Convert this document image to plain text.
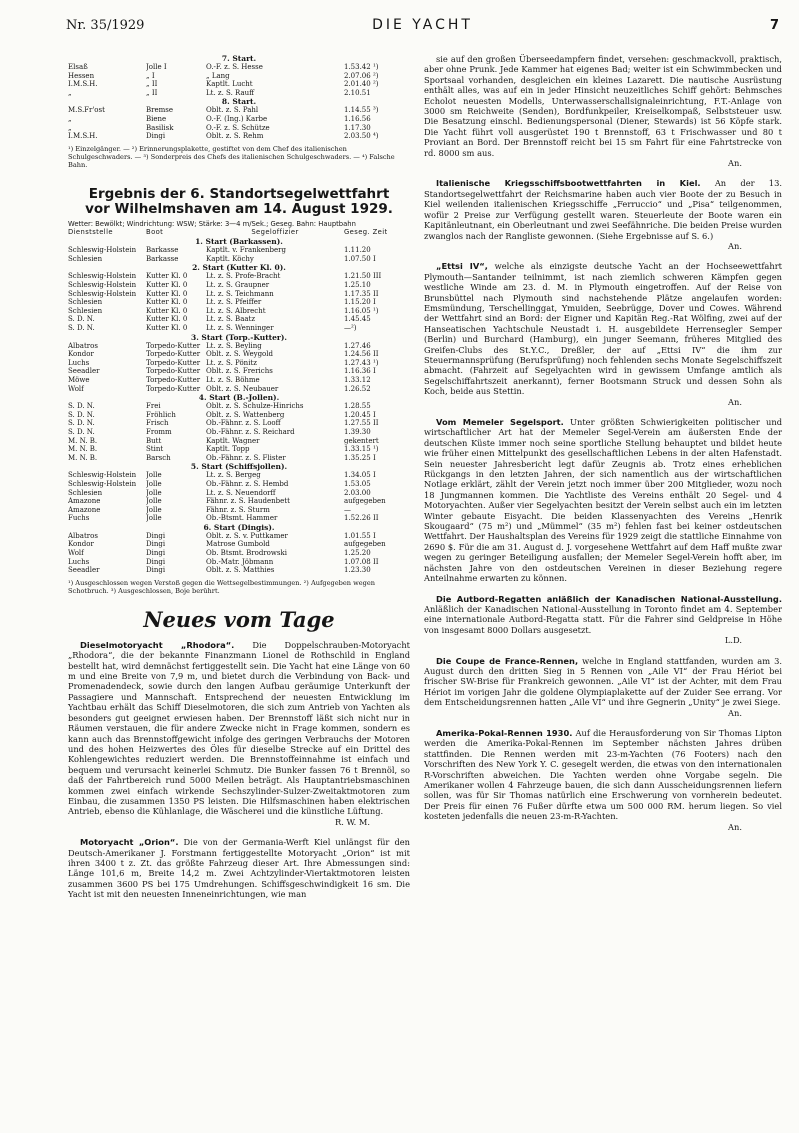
Nr. 35/1929	DIE YACHT	7
7. Start.
Elsaß	Jolle I	O.-F. z. S. Hesse	1.53.42 ¹)
Hessen	„ I	„ Lang	2.07.06 ²)
I.M.S.H.	„ II	Kaptlt. Lucht	2.01.40 ²)
„	„ II	Lt. z. S. Rauff	2.10.51
8. Start.
M.S.Fr'ost	Bremse	Oblt. z. S. Pahl	1.14.55 ³)
„	Biene	O.-F. (Ing.) Karbe	1.16.56
„	Basilisk	O.-F. z. S. Schütze	1.17.30
I.M.S.H.	Dingi	Oblt. z. S. Rehm	2.03.50 ⁴)
¹) Einzelgänger. — ²) Erinnerungsplakette, gestiftet von dem Chef des italienischen Schulgeschwaders. — ³) Sonderpreis des Chefs des italienischen Schulgeschwaders. — ⁴) Falsche Bahn.
Ergebnis der 6. Standortsegelwettfahrt
vor Wilhelmshaven am 14. August 1929.
Wetter: Bewölkt; Windrichtung: WSW; Stärke: 3—4 m/Sek.; Geseg. Bahn: Hauptbahn
Dienststelle	Boot	Segeloffizier	Geseg. Zeit
1. Start (Barkassen).
Schleswig-Holstein	Barkasse	Kaptlt. v. Frankenberg	1.11.20
Schlesien	Barkasse	Kaptlt. Köchy	1.07.50 I
2. Start (Kutter Kl. 0).
Schleswig-Holstein	Kutter Kl. 0	Lt. z. S. Profe-Bracht	1.21.50 III
Schleswig-Holstein	Kutter Kl. 0	Lt. z. S. Graupner	1.25.10
Schleswig-Holstein	Kutter Kl. 0	Lt. z. S. Teichmann	1.17.35 II
Schlesien	Kutter Kl. 0	Lt. z. S. Pfeiffer	1.15.20 I
Schlesien	Kutter Kl. 0	Lt. z. S. Albrecht	1.16.05 ¹)
S. D. N.	Kutter Kl. 0	Lt. z. S. Baatz	1.45.45
S. D. N.	Kutter Kl. 0	Lt. z. S. Wenninger	—²)
3. Start (Torp.-Kutter).
Albatros	Torpedo-Kutter Lt. z. S. Beyling	1.27.46
Kondor	Torpedo-Kutter Oblt. z. S. Weygold	1.24.56 II
Luchs	Torpedo-Kutter Lt. z. S. Pönitz	1.27.43 ¹)
Seeadler	Torpedo-Kutter Oblt. z. S. Frerichs	1.16.36 I
Möwe	Torpedo-Kutter Lt. z. S. Böhme	1.33.12
Wolf	Torpedo-Kutter Oblt. z. S. Neubauer	1.26.52
4. Start (B.-Jollen).
S. D. N.	Frei	Oblt. z. S. Schulze-Hinrichs	1.28.55
S. D. N.	Fröhlich	Oblt. z. S. Wattenberg	1.20.45 I
S. D. N.	Frisch	Ob.-Fähnr. z. S. Looff	1.27.55 II
S. D. N.	Fromm	Ob.-Fähnr. z. S. Reichard	1.39.30
M. N. B.	Butt	Kaptlt. Wagner	gekentert
M. N. B.	Stint	Kaptlt. Topp	1.33.15 ¹)
M. N. B.	Barsch	Ob.-Fähnr. z. S. Flister	1.35.25 I
5. Start (Schiffsjollen).
Schleswig-Holstein	Jolle	Lt. z. S. Bergeg	1.34.05 I
Schleswig-Holstein	Jolle	Ob.-Fähnr. z. S. Hembd	1.53.05
Schlesien	Jolle	Lt. z. S. Neuendorff	2.03.00
Amazone	Jolle	Fähnr. z. S. Haudenbett	aufgegeben
Amazone	Jolle	Fähnr. z. S. Sturm	—
Fuchs	Jolle	Ob.-Btsmt. Hammer	1.52.26 II
6. Start (Dingis).
Albatros	Dingi	Oblt. z. S. v. Puttkamer	1.01.55 I
Kondor	Dingi	Matrose Gumbold	aufgegeben
Wolf	Dingi	Ob. Btsmt. Brodrowski	1.25.20
Luchs	Dingi	Ob.-Matr. Jöbmann	1.07.08 II
Seeadler	Dingi	Oblt. z. S. Matthies	1.23.30
¹) Ausgeschlossen wegen Verstoß gegen die Wettsegelbestimmungen. ²) Aufgegeben wegen Schotbruch. ³) Ausgeschlossen, Boje berührt.
Neues vom Tage

Dieselmotoryacht „Rhodora“. Die Doppelschrauben-Motoryacht „Rhodora“, die der bekannte Finanzmann Lionel de Rothschild in England bestellt hat, wird demnächst fertiggestellt sein. Die Yacht hat eine Länge von 60 m und eine Breite von 7,9 m, und bietet durch die Verbindung von Back- und Promenadendeck, sowie durch den langen Aufbau geräumige Unterkunft der Passagiere und Mannschaft. Entsprechend der neuesten Entwicklung im Yachtbau erhält das Schiff Dieselmotoren, die sich zum Antrieb von Yachten als besonders gut geeignet erwiesen haben. Der Brennstoff läßt sich nicht nur in Räumen verstauen, die für andere Zwecke nicht in Frage kommen, sondern es kann auch das Brennstoffgewicht infolge des geringen Verbrauchs der Motoren und des hohen Heizwertes des Öles für dieselbe Strecke auf ein Drittel des Kohlengewichtes reduziert werden. Die Brennstoffeinnahme ist einfach und bequem und verursacht keinerlei Schmutz. Die Bunker fassen 76 t Brennöl, so daß der Fahrtbereich rund 5000 Meilen beträgt. Als Hauptantriebsmaschinen kommen zwei einfach wirkende Sechszylinder-Sulzer-Zweitaktmotoren zum Einbau, die zusammen 1350 PS leisten. Die Hilfsmaschinen haben elektrischen Antrieb, ebenso die Kühlanlage, die Wäscherei und die künstliche Lüftung.

R. W. M.

Motoryacht „Orion“. Die von der Germania-Werft Kiel unlängst für den Deutsch-Amerikaner J. Forstmann fertiggestellte Motoryacht „Orion“ ist mit ihren 3400 t z. Zt. das größte Fahrzeug dieser Art. Ihre Abmessungen sind: Länge 101,6 m, Breite 14,2 m. Zwei Achtzylinder-Viertaktmotoren leisten zusammen 3600 PS bei 175 Umdrehungen. Schiffsgeschwindigkeit 16 sm. Die Yacht ist mit den neuesten Inneneinrichtungen, wie man

sie auf den großen Überseedampfern findet, versehen: geschmackvoll, praktisch, aber ohne Prunk. Jede Kammer hat eigenes Bad; weiter ist ein Schwimmbecken und Sportsaal vorhanden, desgleichen ein kleines Lazarett. Die nautische Ausrüstung enthält alles, was auf ein in jeder Hinsicht neuzeitliches Schiff gehört: Behmsches Echolot neuesten Modells, Unterwasserschallsignaleinrichtung, F.T.-Anlage von 3000 sm Reichweite (Senden), Bordfunkpeiler, Kreiselkompaß, Selbststeuer usw. Die Besatzung einschl. Bedienungspersonal (Diener, Stewards) ist 56 Köpfe stark. Die Yacht führt voll ausgerüstet 190 t Brennstoff, 63 t Frischwasser und 80 t Proviant an Bord. Der Brennstoff reicht bei 15 sm Fahrt für eine Fahrtstrecke von rd. 8000 sm aus.

An.

Italienische Kriegsschiffsbootwettfahrten in Kiel. An der 13. Standortsegelwettfahrt der Reichsmarine haben auch vier Boote der zu Besuch in Kiel weilenden italienischen Kriegsschiffe „Ferruccio“ und „Pisa“ teilgenommen, wofür 2 Preise zur Verfügung gestellt waren. Steuerleute der Boote waren ein Kapitänleutnant, ein Oberleutnant und zwei Seefähnriche. Die beiden Preise wurden zwanglos nach der Rangliste gewonnen. (Siehe Ergebnisse auf S. 6.)

An.

„Ettsi IV“, welche als einzigste deutsche Yacht an der Hochseewettfahrt Plymouth—Santander teilnimmt, ist nach ziemlich schweren Kämpfen gegen westliche Winde am 23. d. M. in Plymouth eingetroffen. Auf der Reise von Brunsbüttel nach Plymouth sind nachstehende Plätze angelaufen worden: Emsmündung, Terschellinggat, Ymuiden, Seebrügge, Dover und Cowes. Während der Wettfahrt sind an Bord: der Eigner und Kapitän Reg.-Rat Wölfing, zwei auf der Hanseatischen Yachtschule Neustadt i. H. ausgebildete Herrensegler Semper (Berlin) und Burchard (Hamburg), ein junger Seemann, früheres Mitglied des Greifen-Clubs des St.Y.C., Dreßler, der auf „Ettsi IV“ die ihm zur Steuermannsprüfung (Berufsprüfung) noch fehlenden sechs Monate Segelschiffszeit abmacht. (Fahrzeit auf Segelyachten wird in gewissem Umfange amtlich als Segelschiffahrtszeit anerkannt), ferner Bootsmann Struck und dessen Sohn als Koch, beide aus Stettin.

An.

Vom Memeler Segelsport. Unter größten Schwierigkeiten politischer und wirtschaftlicher Art hat der Memeler Segel-Verein am äußersten Ende der deutschen Küste immer noch seine sportliche Stellung behauptet und bildet heute wie früher einen Mittelpunkt des gesellschaftlichen Lebens in der alten Hafenstadt. Sein neuester Jahresbericht legt dafür Zeugnis ab. Trotz eines erheblichen Rückgangs in den letzten Jahren, der sich namentlich aus der wirtschaftlichen Notlage erklärt, zählt der Verein jetzt noch immer über 200 Mitglieder, wozu noch 18 Jungmannen kommen. Die Yachtliste des Vereins enthält 20 Segel- und 4 Motoryachten. Außer vier Segelyachten besitzt der Verein selbst auch ein im letzten Winter gebaute Eisyacht. Die beiden Klassenyachten des Vereins „Henrik Skougaard“ (75 m²) und „Mümmel“ (35 m²) fehlen fast bei keiner ostdeutschen Wettfahrt. Der Haushaltsplan des Vereins für 1929 zeigt die stattliche Einnahme von 2690 $. Für die am 31. August d. J. vorgesehene Wettfahrt auf dem Haff mußte zwar wegen zu geringer Beteiligung ausfallen; der Memeler Segel-Verein hofft aber, im nächsten Jahre von den ostdeutschen Vereinen in dieser Beziehung regere Anteilnahme erwarten zu können.

Die Autbord-Regatten anläßlich der Kanadischen National-Ausstellung. Anläßlich der Kanadischen National-Ausstellung in Toronto findet am 4. September eine internationale Autbord-Regatta statt. Für die Fahrer sind Geldpreise in Höhe von insgesamt 8000 Dollars ausgesetzt.

L.D.

Die Coupe de France-Rennen, welche in England stattfanden, wurden am 3. August durch den dritten Sieg in 5 Rennen von „Aile VI“ der Frau Hériot bei frischer SW-Brise für Frankreich gewonnen. „Aile VI“ ist der Achter, mit dem Frau Hériot im vorigen Jahr die goldene Olympiaplakette auf der Zuider See errang. Vor dem Entscheidungsrennen hatten „Aile VI“ und ihre Gegnerin „Unity“ je zwei Siege.

An.

Amerika-Pokal-Rennen 1930. Auf die Herausforderung von Sir Thomas Lipton werden die Amerika-Pokal-Rennen im September nächsten Jahres drüben stattfinden. Die Rennen werden mit 23-m-Yachten (76 Footers) nach den Vorschriften des New York Y. C. gesegelt werden, die etwas von den internationalen R-Vorschriften abweichen. Die Yachten werden ohne Vorgabe segeln. Die Amerikaner wollen 4 Fahrzeuge bauen, die sich dann Ausscheidungsrennen liefern sollen, was für Sir Thomas natürlich eine Erschwerung von vornherein bedeutet. Der Preis für einen 76 Fußer dürfte etwa um 500 000 RM. herum liegen. So viel kosteten jedenfalls die neuen 23-m-R-Yachten.

An.
